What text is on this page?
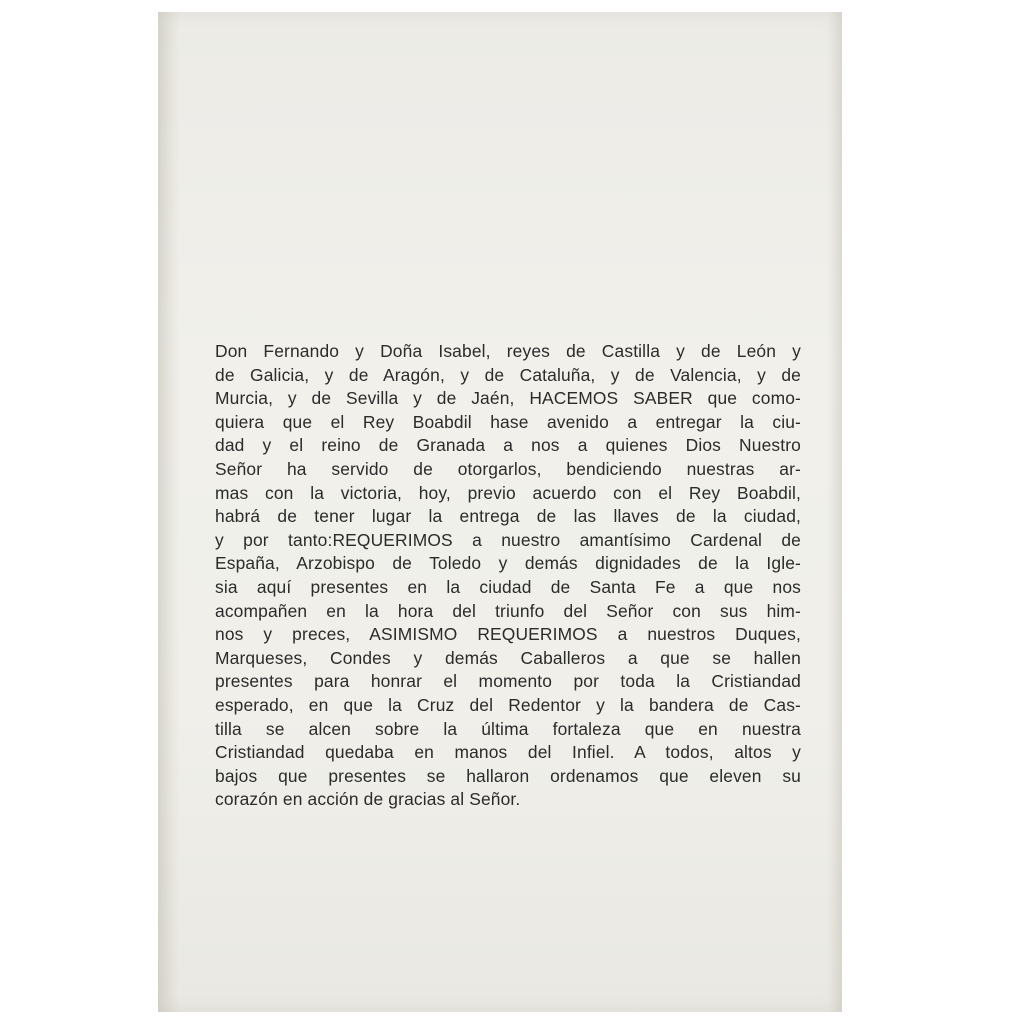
Don Fernando y Doña Isabel, reyes de Castilla y de León y
de Galicia, y de Aragón, y de Cataluña, y de Valencia, y de
Murcia, y de Sevilla y de Jaén, HACEMOS SABER que como-
quiera que el Rey Boabdil hase avenido a entregar la ciu-
dad y el reino de Granada a nos a quienes Dios Nuestro
Señor ha servido de otorgarlos, bendiciendo nuestras ar-
mas con la victoria, hoy, previo acuerdo con el Rey Boabdil,
habrá de tener lugar la entrega de las llaves de la ciudad,
y por tanto:REQUERIMOS a nuestro amantísimo Cardenal de
España, Arzobispo de Toledo y demás dignidades de la Igle-
sia aquí presentes en la ciudad de Santa Fe a que nos
acompañen en la hora del triunfo del Señor con sus him-
nos y preces, ASIMISMO REQUERIMOS a nuestros Duques,
Marqueses, Condes y demás Caballeros a que se hallen
presentes para honrar el momento por toda la Cristiandad
esperado, en que la Cruz del Redentor y la bandera de Cas-
tilla se alcen sobre la última fortaleza que en nuestra
Cristiandad quedaba en manos del Infiel. A todos, altos y
bajos que presentes se hallaron ordenamos que eleven su
corazón en acción de gracias al Señor.
